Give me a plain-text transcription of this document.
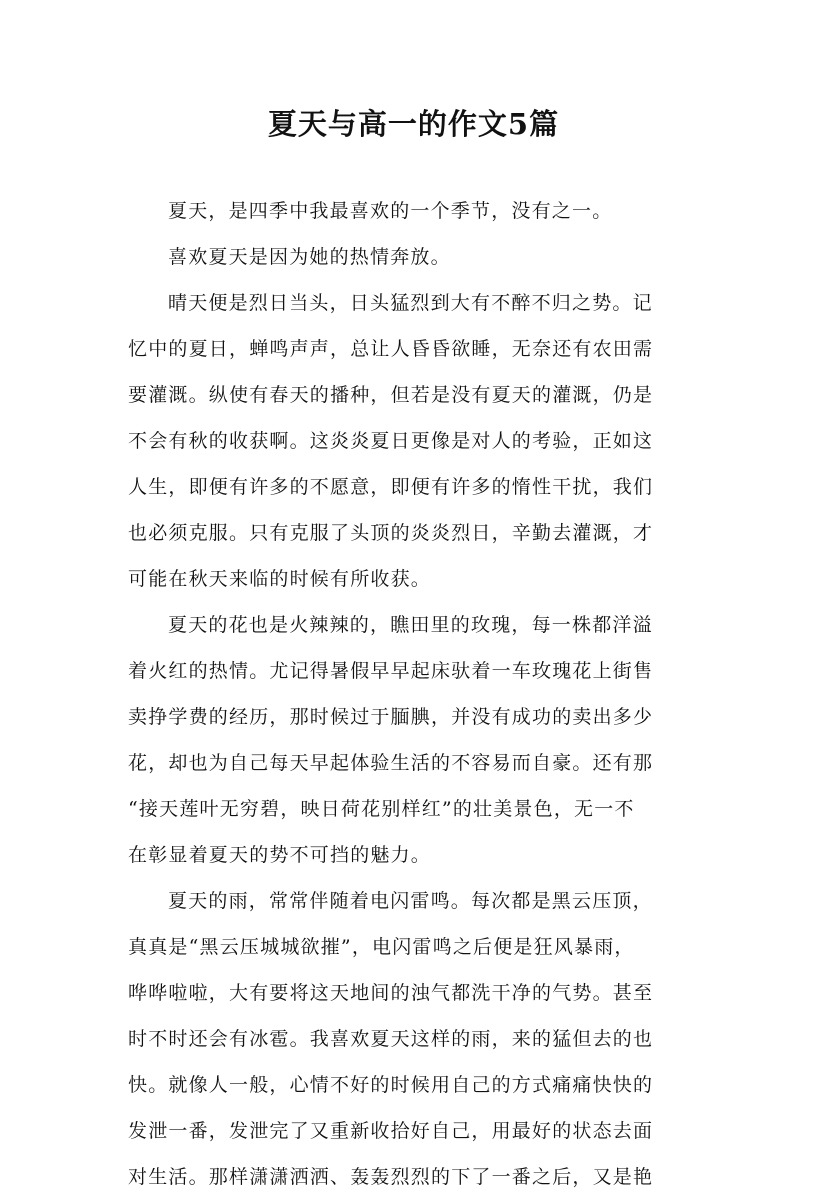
夏天与高一的作文5篇
夏天，是四季中我最喜欢的一个季节，没有之一。
喜欢夏天是因为她的热情奔放。
晴天便是烈日当头，日头猛烈到大有不醉不归之势。记
忆中的夏日，蝉鸣声声，总让人昏昏欲睡，无奈还有农田需
要灌溉。纵使有春天的播种，但若是没有夏天的灌溉，仍是
不会有秋的收获啊。这炎炎夏日更像是对人的考验，正如这
人生，即便有许多的不愿意，即便有许多的惰性干扰，我们
也必须克服。只有克服了头顶的炎炎烈日，辛勤去灌溉，才
可能在秋天来临的时候有所收获。
夏天的花也是火辣辣的，瞧田里的玫瑰，每一株都洋溢
着火红的热情。尤记得暑假早早起床驮着一车玫瑰花上街售
卖挣学费的经历，那时候过于腼腆，并没有成功的卖出多少
花，却也为自己每天早起体验生活的不容易而自豪。还有那
“接天莲叶无穷碧，映日荷花别样红”的壮美景色，无一不
在彰显着夏天的势不可挡的魅力。
夏天的雨，常常伴随着电闪雷鸣。每次都是黑云压顶，
真真是“黑云压城城欲摧”，电闪雷鸣之后便是狂风暴雨，
哗哗啦啦，大有要将这天地间的浊气都洗干净的气势。甚至
时不时还会有冰雹。我喜欢夏天这样的雨，来的猛但去的也
快。就像人一般，心情不好的时候用自己的方式痛痛快快的
发泄一番，发泄完了又重新收拾好自己，用最好的状态去面
对生活。那样潇潇洒洒、轰轰烈烈的下了一番之后，又是艳
